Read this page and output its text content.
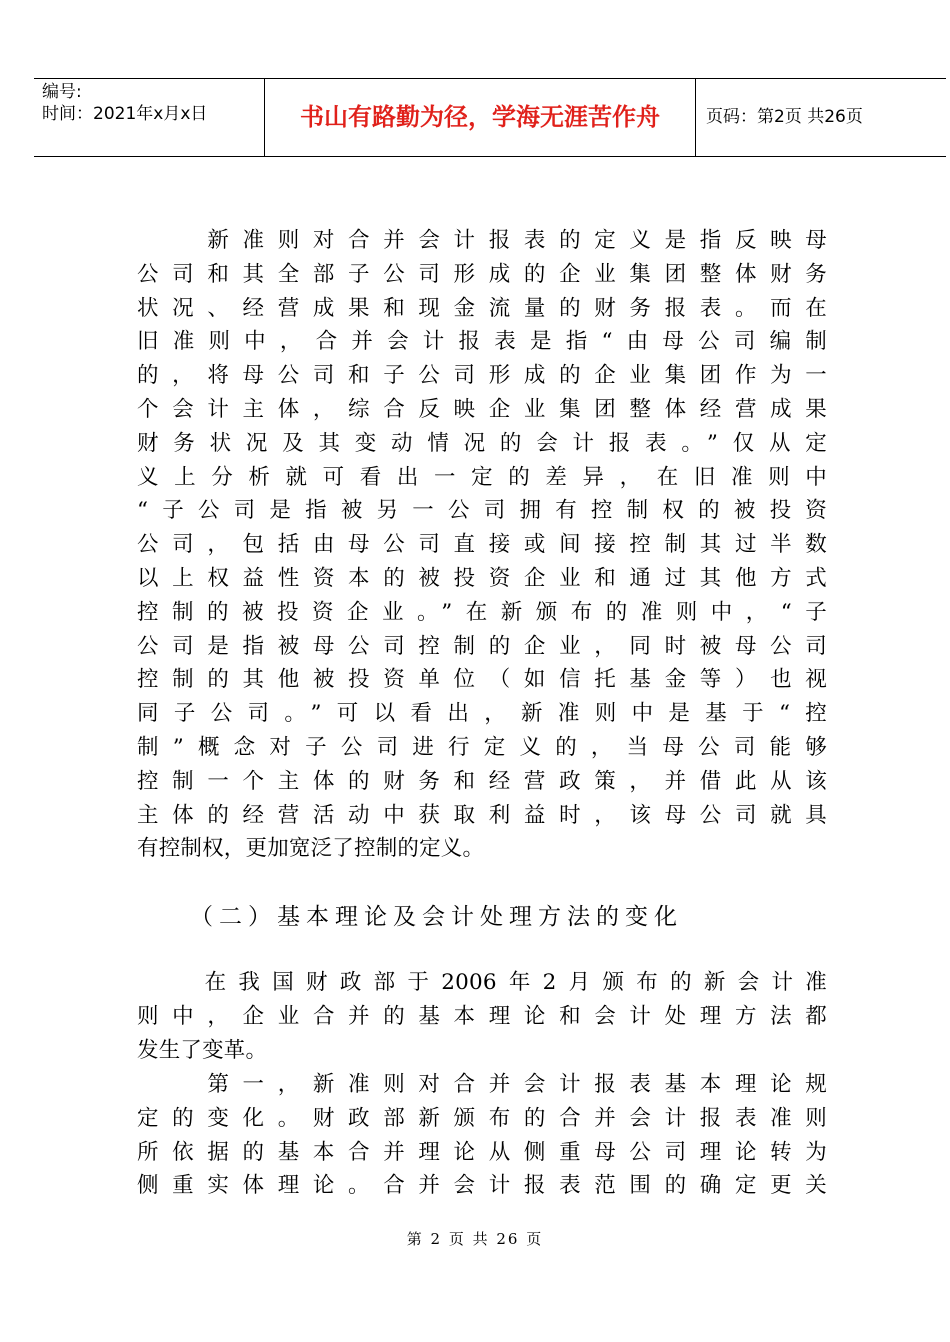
编号:
时间：2021年x月x日	书山有路勤为径，学海无涯苦作舟	页码：第2页 共26页
　　新准则对合并会计报表的定义是指反映母
公司和其全部子公司形成的企业集团整体财务
状况、经营成果和现金流量的财务报表。而在
旧准则中，合并会计报表是指“由母公司编制
的，将母公司和子公司形成的企业集团作为一
个会计主体，综合反映企业集团整体经营成果
财务状况及其变动情况的会计报表。”仅从定
义上分析就可看出一定的差异，在旧准则中
“子公司是指被另一公司拥有控制权的被投资
公司，包括由母公司直接或间接控制其过半数
以上权益性资本的被投资企业和通过其他方式
控制的被投资企业。”在新颁布的准则中，“子
公司是指被母公司控制的企业，同时被母公司
控制的其他被投资单位（如信托基金等）也视
同子公司。”可以看出，新准则中是基于“控
制”概念对子公司进行定义的，当母公司能够
控制一个主体的财务和经营政策，并借此从该
主体的经营活动中获取利益时，该母公司就具
有控制权，更加宽泛了控制的定义。
（二）基本理论及会计处理方法的变化
　　在我国财政部于2006年2月颁布的新会计准
则中，企业合并的基本理论和会计处理方法都
发生了变革。
　　第一，新准则对合并会计报表基本理论规
定的变化。财政部新颁布的合并会计报表准则
所依据的基本合并理论从侧重母公司理论转为
侧重实体理论。合并会计报表范围的确定更关
第 2 页 共 26 页
